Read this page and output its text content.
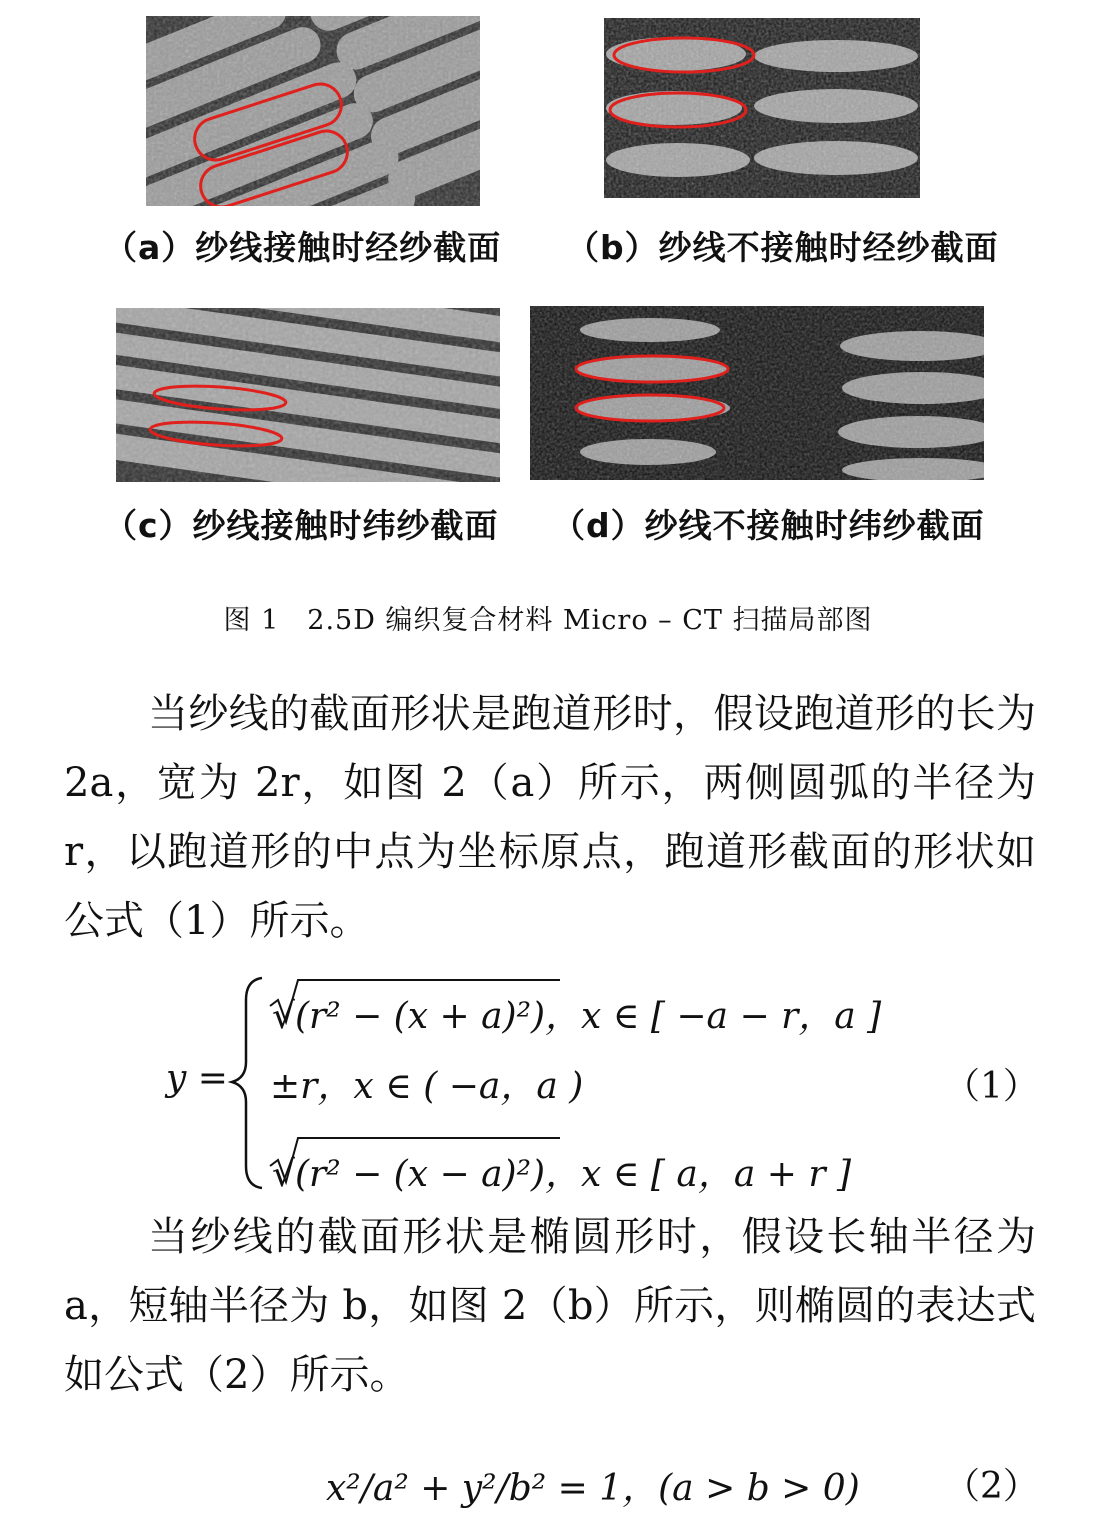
（a）纱线接触时经纱截面 （b）纱线不接触时经纱截面
（c）纱线接触时纬纱截面 （d）纱线不接触时纬纱截面
图 1　2.5D 编织复合材料 Micro – CT 扫描局部图

当纱线的截面形状是跑道形时，假设跑道形的长为 2a，宽为 2r，如图 2（a）所示，两侧圆弧的半径为 r，以跑道形的中点为坐标原点，跑道形截面的形状如公式（1）所示。

y =
√(r² − (x + a)²)，x ∈ [ −a − r，a ]
±r，x ∈ ( −a，a )
√(r² − (x − a)²)，x ∈ [ a，a + r ]
（1）

当纱线的截面形状是椭圆形时，假设长轴半径为 a，短轴半径为 b，如图 2（b）所示，则椭圆的表达式如公式（2）所示。

x²/a² + y²/b² = 1，(a > b > 0) （2）
